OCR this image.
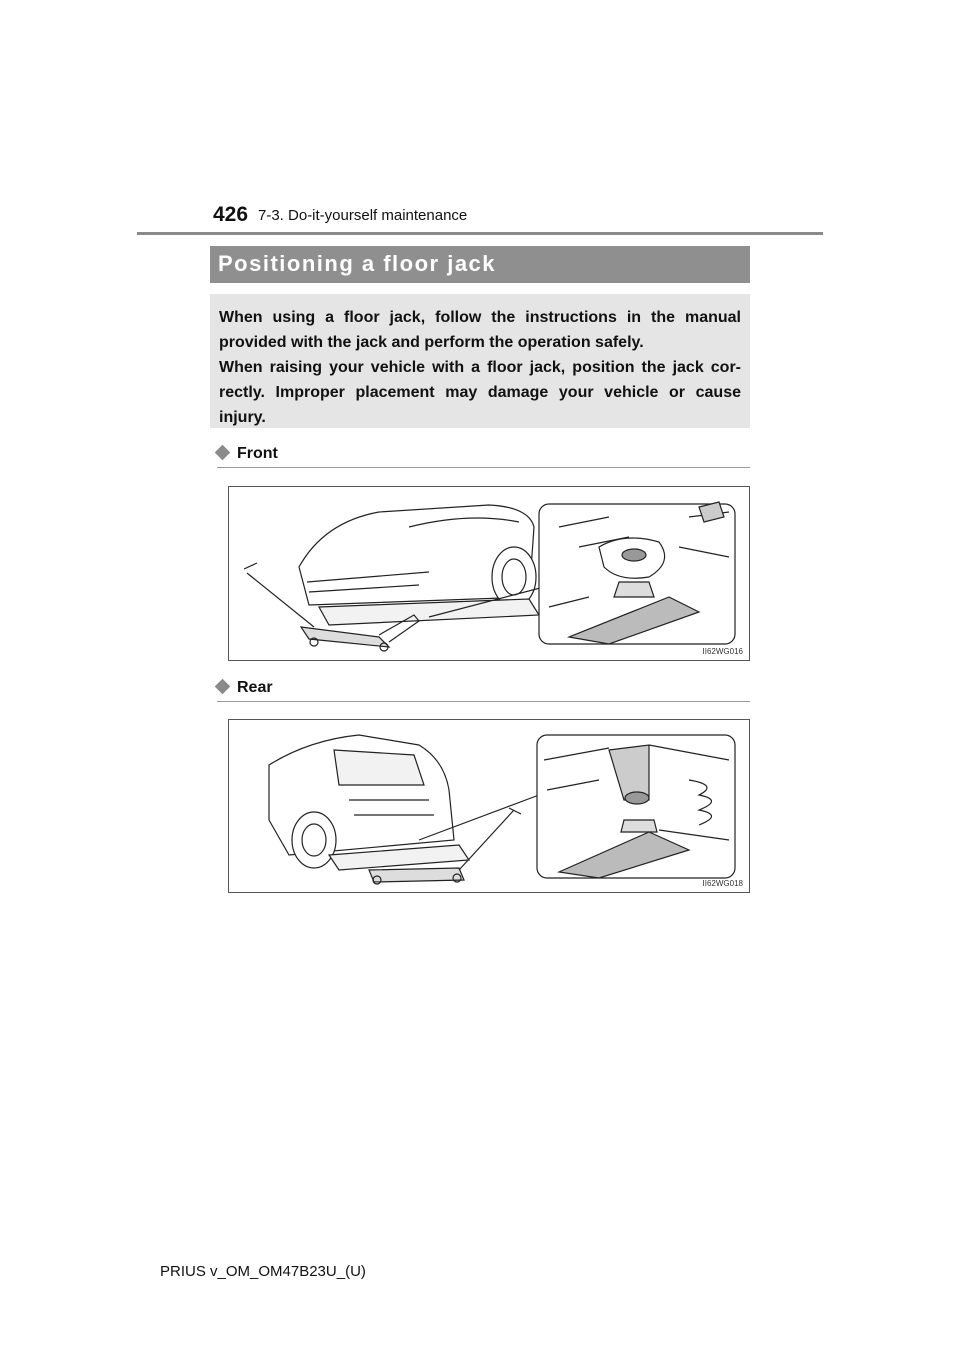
426 7-3. Do-it-yourself maintenance
Positioning a floor jack

When using a floor jack, follow the instructions in the manual provided with the jack and perform the operation safely.

When raising your vehicle with a floor jack, position the jack cor- rectly. Improper placement may damage your vehicle or cause injury.

Front
II62WG016
Rear
II62WG018
PRIUS v_OM_OM47B23U_(U)
